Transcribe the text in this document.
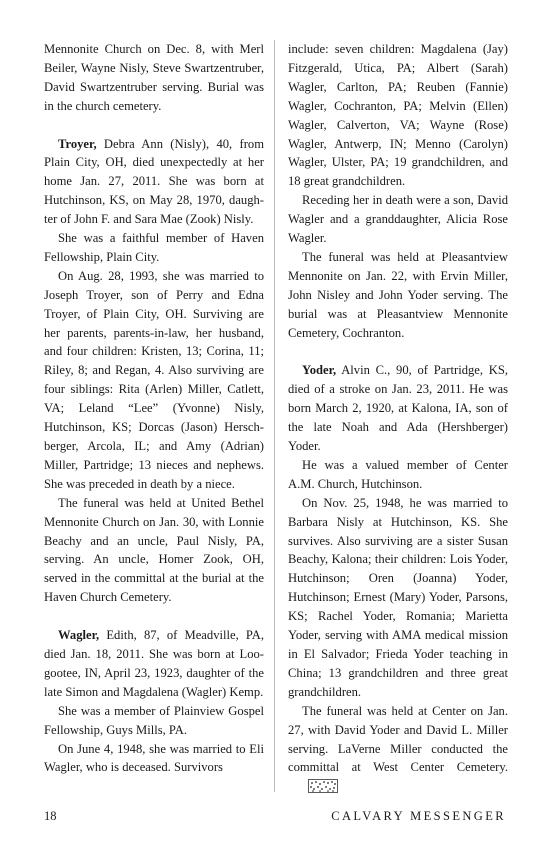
Mennonite Church on Dec. 8, with Merl Beiler, Wayne Nisly, Steve Swartzentruber, David Swartzentruber serving. Burial was in the church cemetery.

Troyer, Debra Ann (Nisly), 40, from Plain City, OH, died unexpectedly at her home Jan. 27, 2011. She was born at Hutchinson, KS, on May 28, 1970, daughter of John F. and Sara Mae (Zook) Nisly.

She was a faithful member of Haven Fellowship, Plain City.

On Aug. 28, 1993, she was married to Joseph Troyer, son of Perry and Edna Troyer, of Plain City, OH. Surviving are her parents, parents-in-law, her husband, and four children: Kristen, 13; Corina, 11; Riley, 8; and Regan, 4. Also surviving are four siblings: Rita (Arlen) Miller, Catlett, VA; Leland “Lee” (Yvonne) Nisly, Hutchinson, KS; Dorcas (Jason) Herschberger, Arcola, IL; and Amy (Adrian) Miller, Partridge; 13 nieces and nephews. She was preceded in death by a niece.

The funeral was held at United Bethel Mennonite Church on Jan. 30, with Lonnie Beachy and an uncle, Paul Nisly, PA, serving. An uncle, Homer Zook, OH, served in the committal at the burial at the Haven Church Cemetery.

Wagler, Edith, 87, of Meadville, PA, died Jan. 18, 2011. She was born at Loogootee, IN, April 23, 1923, daughter of the late Simon and Magdalena (Wagler) Kemp.

She was a member of Plainview Gospel Fellowship, Guys Mills, PA.

On June 4, 1948, she was married to Eli Wagler, who is deceased. Survivors

include: seven children: Magdalena (Jay) Fitzgerald, Utica, PA; Albert (Sarah) Wagler, Carlton, PA; Reuben (Fannie) Wagler, Cochranton, PA; Melvin (Ellen) Wagler, Calverton, VA; Wayne (Rose) Wagler, Antwerp, IN; Menno (Carolyn) Wagler, Ulster, PA; 19 grandchildren, and 18 great grandchildren.

Receding her in death were a son, David Wagler and a granddaughter, Alicia Rose Wagler.

The funeral was held at Pleasantview Mennonite on Jan. 22, with Ervin Miller, John Nisley and John Yoder serving. The burial was at Pleasantview Mennonite Cemetery, Cochranton.

Yoder, Alvin C., 90, of Partridge, KS, died of a stroke on Jan. 23, 2011. He was born March 2, 1920, at Kalona, IA, son of the late Noah and Ada (Hershberger) Yoder.

He was a valued member of Center A.M. Church, Hutchinson.

On Nov. 25, 1948, he was married to Barbara Nisly at Hutchinson, KS. She survives. Also surviving are a sister Susan Beachy, Kalona; their children: Lois Yoder, Hutchinson; Oren (Joanna) Yoder, Hutchinson; Ernest (Mary) Yoder, Parsons, KS; Rachel Yoder, Romania; Marietta Yoder, serving with AMA medical mission in El Salvador; Frieda Yoder teaching in China; 13 grandchildren and three great grandchildren.

The funeral was held at Center on Jan. 27, with David Yoder and David L. Miller serving. LaVerne Miller conducted the committal at West Center Cemetery.

18	CALVARY MESSENGER
